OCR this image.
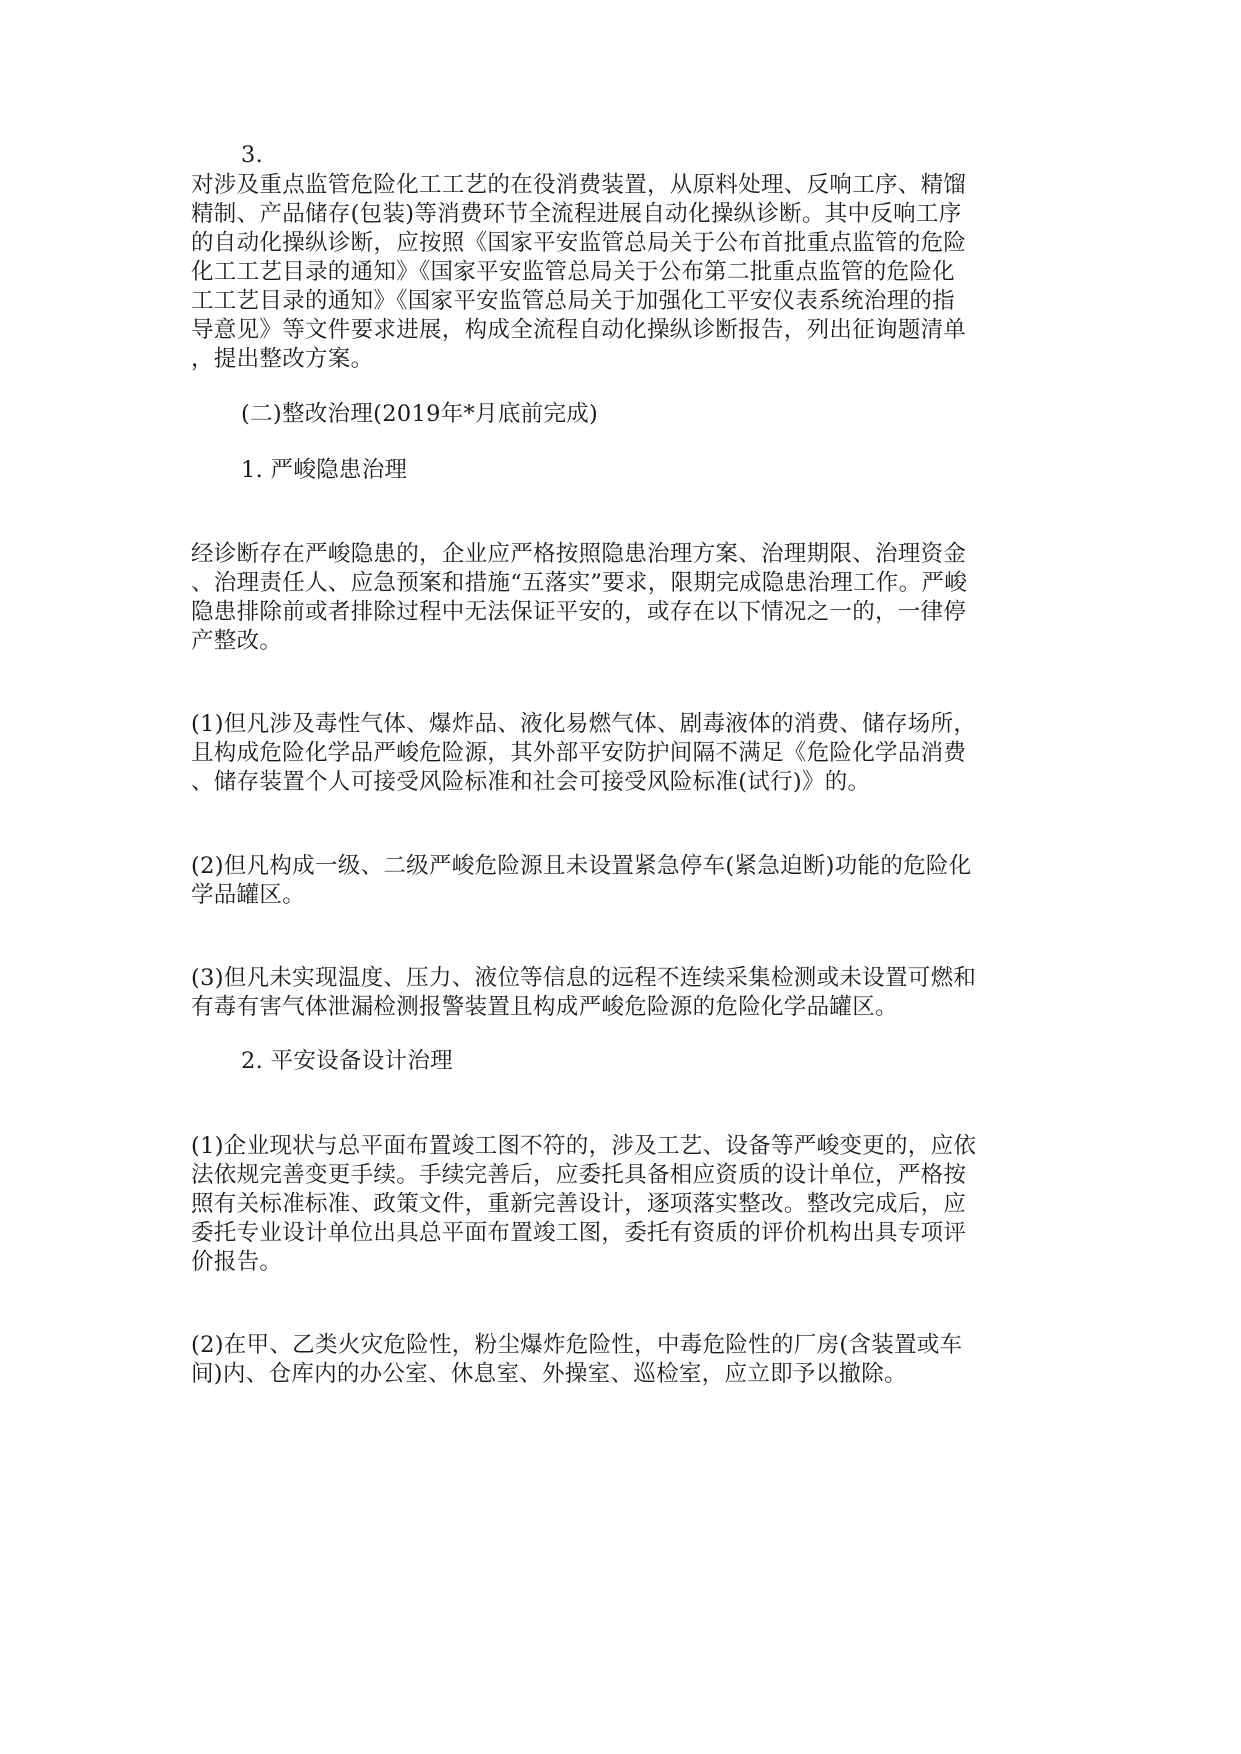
3.
对涉及重点监管危险化工工艺的在役消费装置，从原料处理、反响工序、精馏
精制、产品储存(包装)等消费环节全流程进展自动化操纵诊断。其中反响工序
的自动化操纵诊断，应按照《国家平安监管总局关于公布首批重点监管的危险
化工工艺目录的通知》《国家平安监管总局关于公布第二批重点监管的危险化
工工艺目录的通知》《国家平安监管总局关于加强化工平安仪表系统治理的指
导意见》等文件要求进展，构成全流程自动化操纵诊断报告，列出征询题清单
，提出整改方案。
(二)整改治理(2019年*月底前完成)
1. 严峻隐患治理
经诊断存在严峻隐患的，企业应严格按照隐患治理方案、治理期限、治理资金
、治理责任人、应急预案和措施“五落实”要求，限期完成隐患治理工作。严峻
隐患排除前或者排除过程中无法保证平安的，或存在以下情况之一的，一律停
产整改。
(1)但凡涉及毒性气体、爆炸品、液化易燃气体、剧毒液体的消费、储存场所，
且构成危险化学品严峻危险源，其外部平安防护间隔不满足《危险化学品消费
、储存装置个人可接受风险标准和社会可接受风险标准(试行)》的。
(2)但凡构成一级、二级严峻危险源且未设置紧急停车(紧急迫断)功能的危险化
学品罐区。
(3)但凡未实现温度、压力、液位等信息的远程不连续采集检测或未设置可燃和
有毒有害气体泄漏检测报警装置且构成严峻危险源的危险化学品罐区。
2. 平安设备设计治理
(1)企业现状与总平面布置竣工图不符的，涉及工艺、设备等严峻变更的，应依
法依规完善变更手续。手续完善后，应委托具备相应资质的设计单位，严格按
照有关标准标准、政策文件，重新完善设计，逐项落实整改。整改完成后，应
委托专业设计单位出具总平面布置竣工图，委托有资质的评价机构出具专项评
价报告。
(2)在甲、乙类火灾危险性，粉尘爆炸危险性，中毒危险性的厂房(含装置或车
间)内、仓库内的办公室、休息室、外操室、巡检室，应立即予以撤除。
